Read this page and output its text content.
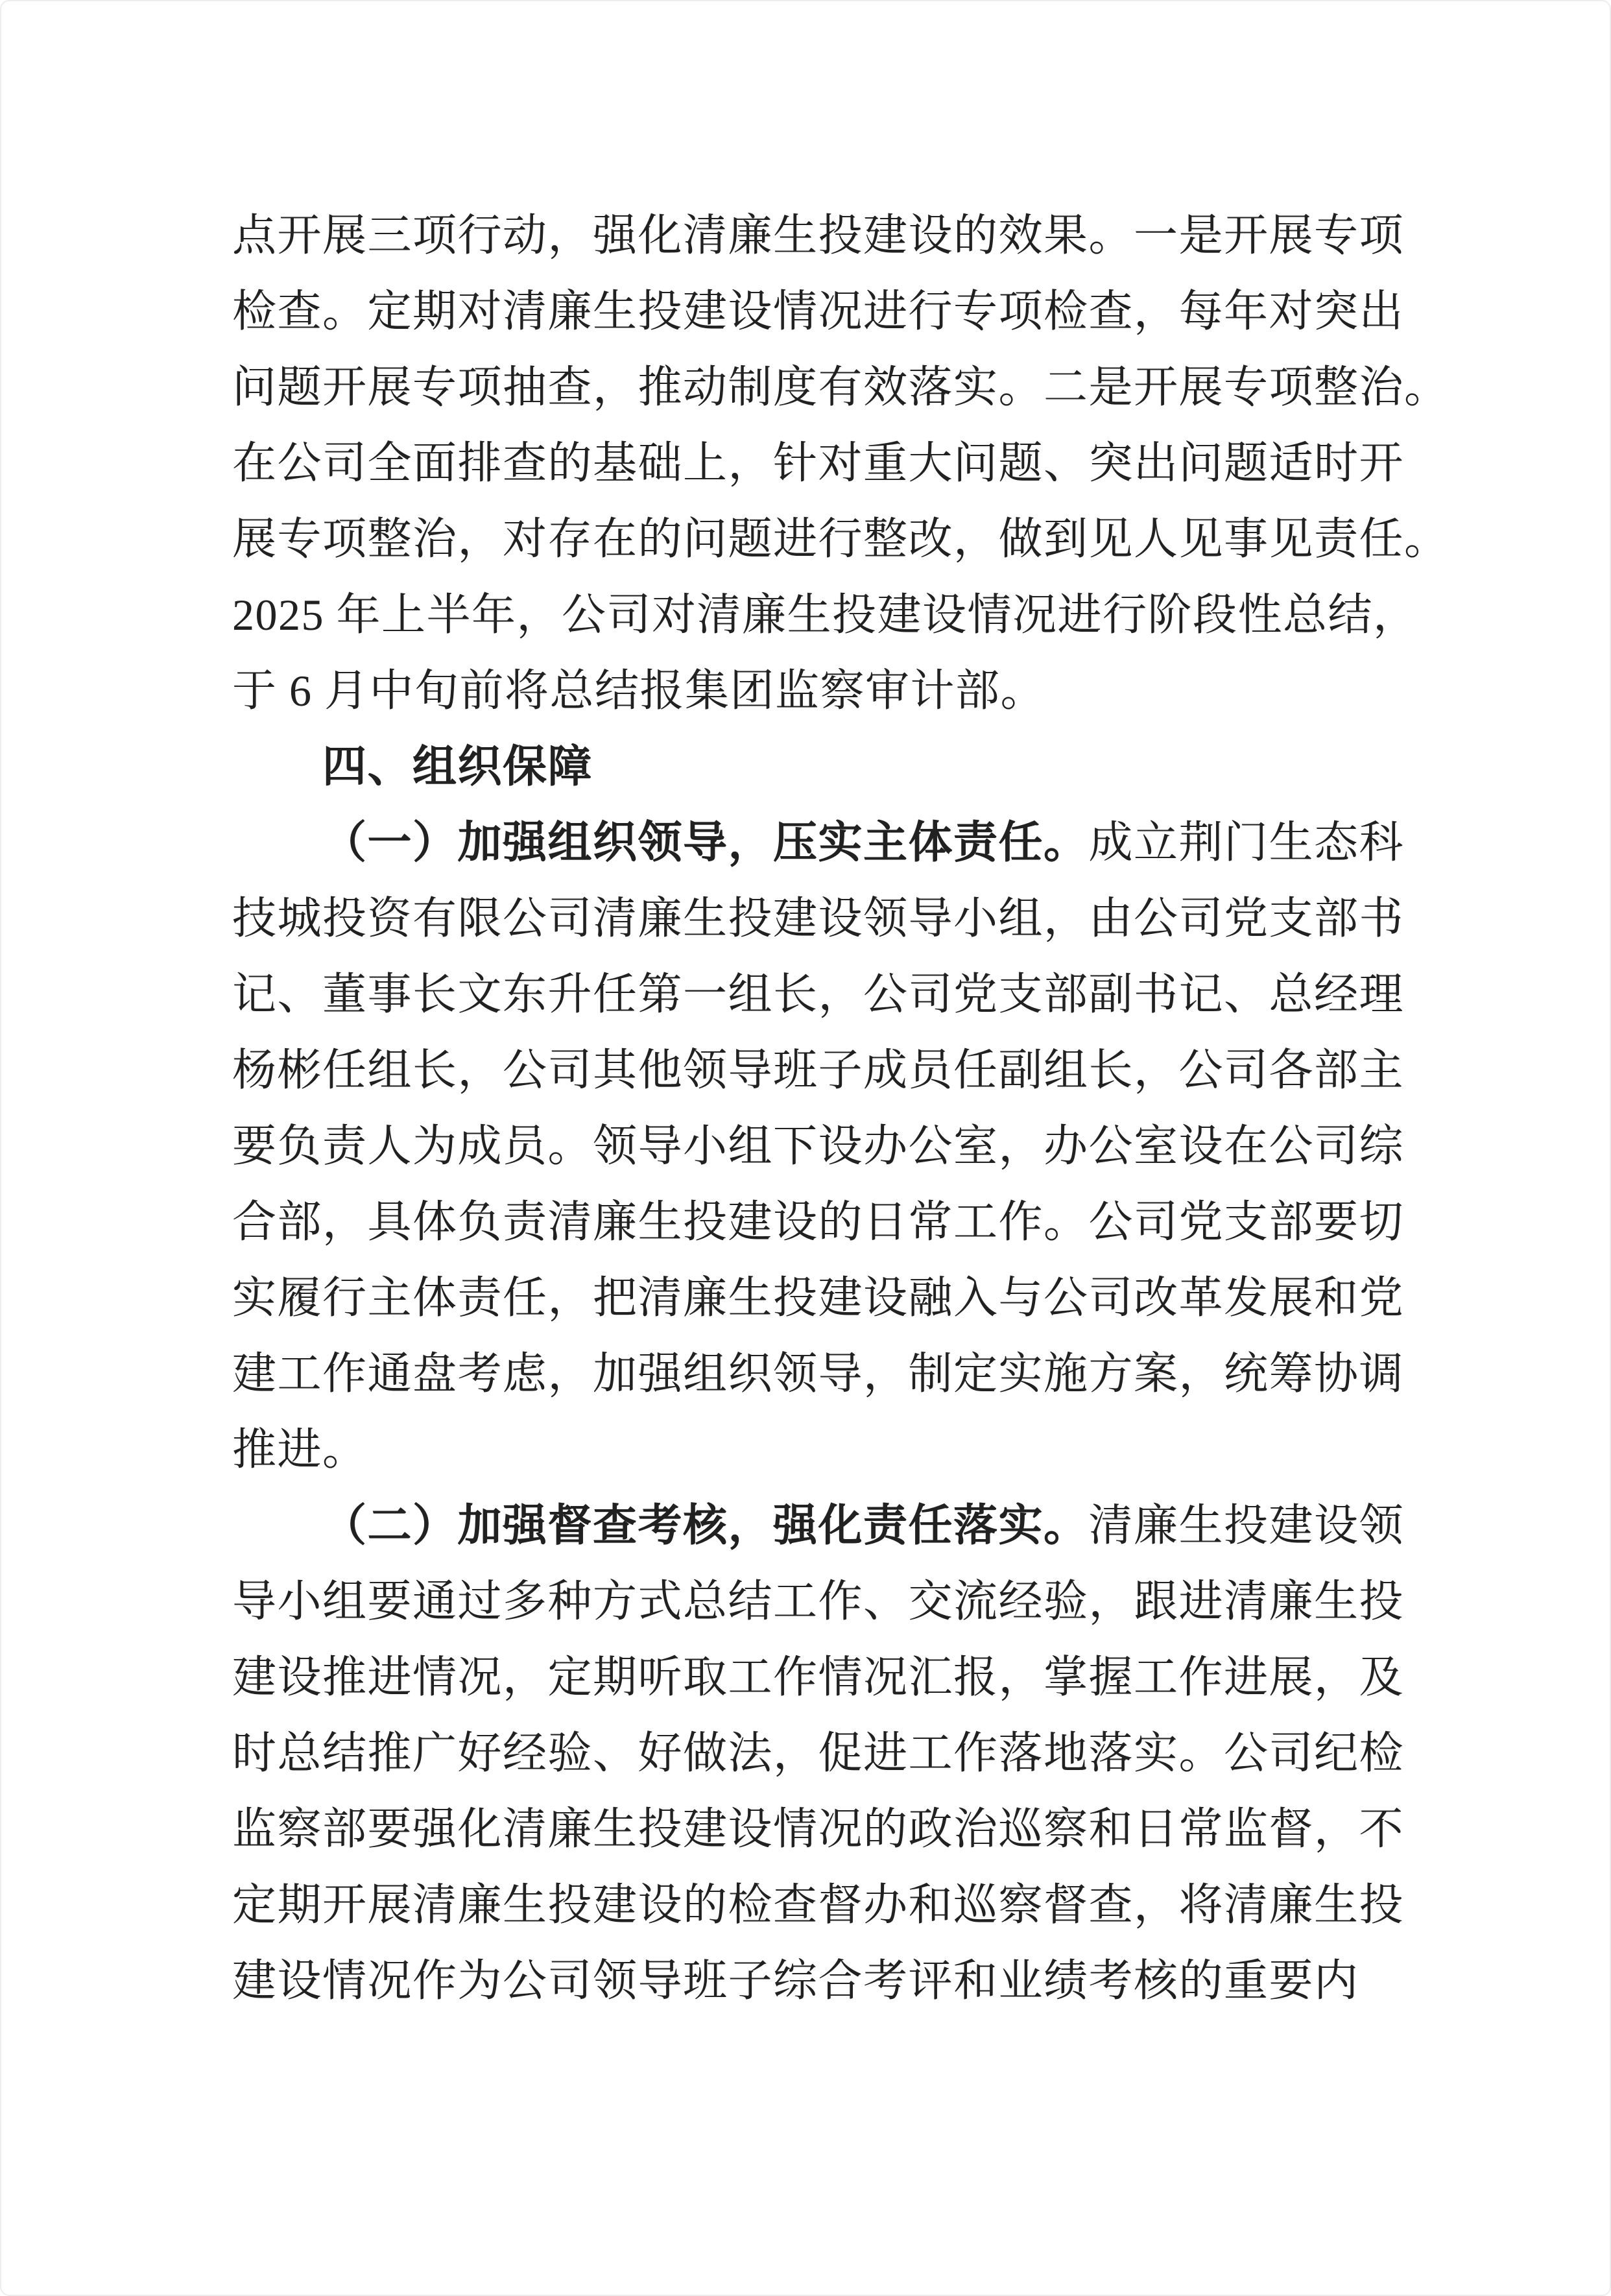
点开展三项行动，强化清廉生投建设的效果。一是开展专项
检查。定期对清廉生投建设情况进行专项检查，每年对突出
问题开展专项抽查，推动制度有效落实。二是开展专项整治。
在公司全面排查的基础上，针对重大问题、突出问题适时开
展专项整治，对存在的问题进行整改，做到见人见事见责任。
2025 年上半年，公司对清廉生投建设情况进行阶段性总结，
于 6 月中旬前将总结报集团监察审计部。
四、组织保障
（一）加强组织领导，压实主体责任。成立荆门生态科
技城投资有限公司清廉生投建设领导小组，由公司党支部书
记、董事长文东升任第一组长，公司党支部副书记、总经理
杨彬任组长，公司其他领导班子成员任副组长，公司各部主
要负责人为成员。领导小组下设办公室，办公室设在公司综
合部，具体负责清廉生投建设的日常工作。公司党支部要切
实履行主体责任，把清廉生投建设融入与公司改革发展和党
建工作通盘考虑，加强组织领导，制定实施方案，统筹协调
推进。
（二）加强督查考核，强化责任落实。清廉生投建设领
导小组要通过多种方式总结工作、交流经验，跟进清廉生投
建设推进情况，定期听取工作情况汇报，掌握工作进展，及
时总结推广好经验、好做法，促进工作落地落实。公司纪检
监察部要强化清廉生投建设情况的政治巡察和日常监督，不
定期开展清廉生投建设的检查督办和巡察督查，将清廉生投
建设情况作为公司领导班子综合考评和业绩考核的重要内
